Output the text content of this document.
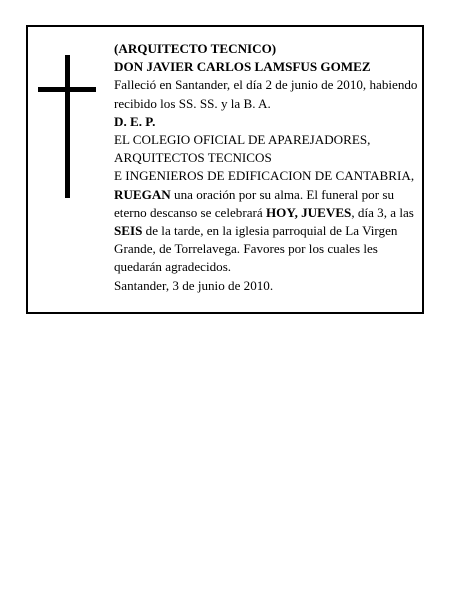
(ARQUITECTO TECNICO)

DON JAVIER CARLOS LAMSFUS GOMEZ

Falleció en Santander, el día 2 de junio de 2010, habiendo recibido los SS. SS. y la B. A.

D. E. P.

EL COLEGIO OFICIAL DE APAREJADORES, ARQUITECTOS TECNICOS

E INGENIEROS DE EDIFICACION DE CANTABRIA,

RUEGAN una oración por su alma. El funeral por su eterno descanso se celebrará HOY, JUEVES, día 3, a las SEIS de la tarde, en la iglesia parroquial de La Virgen Grande, de Torrelavega. Favores por los cuales les quedarán agradecidos.

Santander, 3 de junio de 2010.
